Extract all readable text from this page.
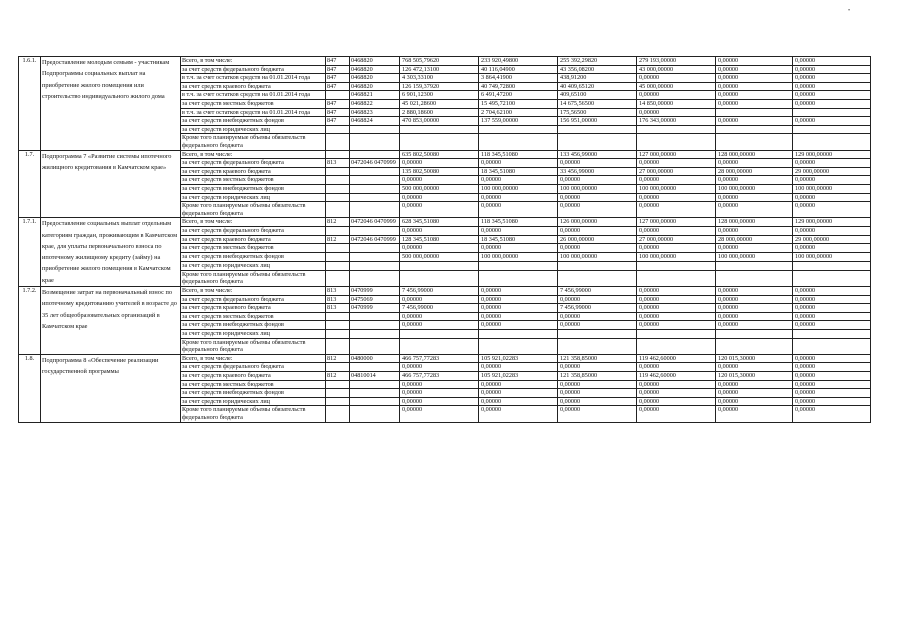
•
1.6.1.	Предоставление молодым семьям - участникам Подпрограммы социальных выплат на приобретение жилого помещения или строительство индивидуального жилого дома	Всего, в том числе:	847	0468820	768 505,79620	233 920,49800	255 392,29820	279 193,00000	0,00000	0,00000
		за счет средств федерального бюджета	847	0468820	126 472,13100	40 116,04900	43 356,08200	43 000,00000	0,00000	0,00000
		в т.ч. за счет остатков средств на 01.01.2014 года	847	0468820	4 303,33100	3 864,41900	438,91200	0,00000	0,00000	0,00000
		за счет средств краевого бюджета	847	0468820	126 159,37920	40 749,72800	40 409,65120	45 000,00000	0,00000	0,00000
		в т.ч. за счет остатков средств на 01.01.2014 года		0468821	6 901,12300	6 491,47200	409,65100	0,00000	0,00000	0,00000
		за счет средств местных бюджетов	847	0468822	45 021,28600	15 495,72100	14 675,56500	14 850,00000	0,00000	0,00000
		в т.ч. за счет остатков средств на 01.01.2014 года	847	0468823	2 880,18600	2 704,62100	175,56500	0,00000		
		за счет средств внебюджетных фондов	847	0468824	470 853,00000	137 559,00000	156 951,00000	176 343,00000	0,00000	0,00000
		за счет средств юридических лиц								
		Кроме того планируемые объемы обязательств федерального бюджета								
1.7.	Подпрограмма 7 «Развитие системы ипотечного жилищного кредитования в Камчатском крае»	Всего, в том числе:			635 802,50080	118 345,51080	133 456,99000	127 000,00000	128 000,00000	129 000,00000
		за счет средств федерального бюджета	813	0472046 0470999	0,00000	0,00000	0,00000	0,00000	0,00000	0,00000
		за счет средств краевого бюджета			135 802,50080	18 345,51080	33 456,99000	27 000,00000	28 000,00000	29 000,00000
		за счет средств местных бюджетов			0,00000	0,00000	0,00000	0,00000	0,00000	0,00000
		за счет средств внебюджетных фондов			500 000,00000	100 000,00000	100 000,00000	100 000,00000	100 000,00000	100 000,00000
		за счет средств юридических лиц			0,00000	0,00000	0,00000	0,00000	0,00000	0,00000
		Кроме того планируемые объемы обязательств федерального бюджета			0,00000	0,00000	0,00000	0,00000	0,00000	0,00000
1.7.1.	Предоставление социальных выплат отдельным категориям граждан, проживающим в Камчатском крае, для уплаты первоначального взноса по ипотечному жилищному кредиту (займу) на приобретение жилого помещения в Камчатском крае	Всего, в том числе:	812	0472046 0470999	628 345,51080	118 345,51080	126 000,00000	127 000,00000	128 000,00000	129 000,00000
		за счет средств федерального бюджета			0,00000	0,00000	0,00000	0,00000	0,00000	0,00000
		за счет средств краевого бюджета	812	0472046 0470999	128 345,51080	18 345,51080	26 000,00000	27 000,00000	28 000,00000	29 000,00000
		за счет средств местных бюджетов			0,00000	0,00000	0,00000	0,00000	0,00000	0,00000
		за счет средств внебюджетных фондов			500 000,00000	100 000,00000	100 000,00000	100 000,00000	100 000,00000	100 000,00000
		за счет средств юридических лиц								
		Кроме того планируемые объемы обязательств федерального бюджета								
1.7.2.	Возмещение затрат на первоначальный взнос по ипотечному кредитованию учителей в возрасте до 35 лет общеобразовательных организаций в Камчатском крае	Всего, в том числе:	813	0470999	7 456,99000	0,00000	7 456,99000	0,00000	0,00000	0,00000
		за счет средств федерального бюджета	813	0475069	0,00000	0,00000	0,00000	0,00000	0,00000	0,00000
		за счет средств краевого бюджета	813	0470999	7 456,99000	0,00000	7 456,99000	0,00000	0,00000	0,00000
		за счет средств местных бюджетов			0,00000	0,00000	0,00000	0,00000	0,00000	0,00000
		за счет средств внебюджетных фондов			0,00000	0,00000	0,00000	0,00000	0,00000	0,00000
		за счет средств юридических лиц								
		Кроме того планируемые объемы обязательств федерального бюджета								
1.8.	Подпрограмма 8 «Обеспечение реализации государственной программы	Всего, в том числе:	812	0480000	466 757,77283	105 921,02283	121 358,85000	119 462,60000	120 015,30000	0,00000
		за счет средств федерального бюджета			0,00000	0,00000	0,00000	0,00000	0,00000	0,00000
		за счет средств краевого бюджета	812	04810014	466 757,77283	105 921,02283	121 358,85000	119 462,60000	120 015,30000	0,00000
		за счет средств местных бюджетов			0,00000	0,00000	0,00000	0,00000	0,00000	0,00000
		за счет средств внебюджетных фондов			0,00000	0,00000	0,00000	0,00000	0,00000	0,00000
		за счет средств юридических лиц			0,00000	0,00000	0,00000	0,00000	0,00000	0,00000
		Кроме того планируемые объемы обязательств федерального бюджета			0,00000	0,00000	0,00000	0,00000	0,00000	0,00000
